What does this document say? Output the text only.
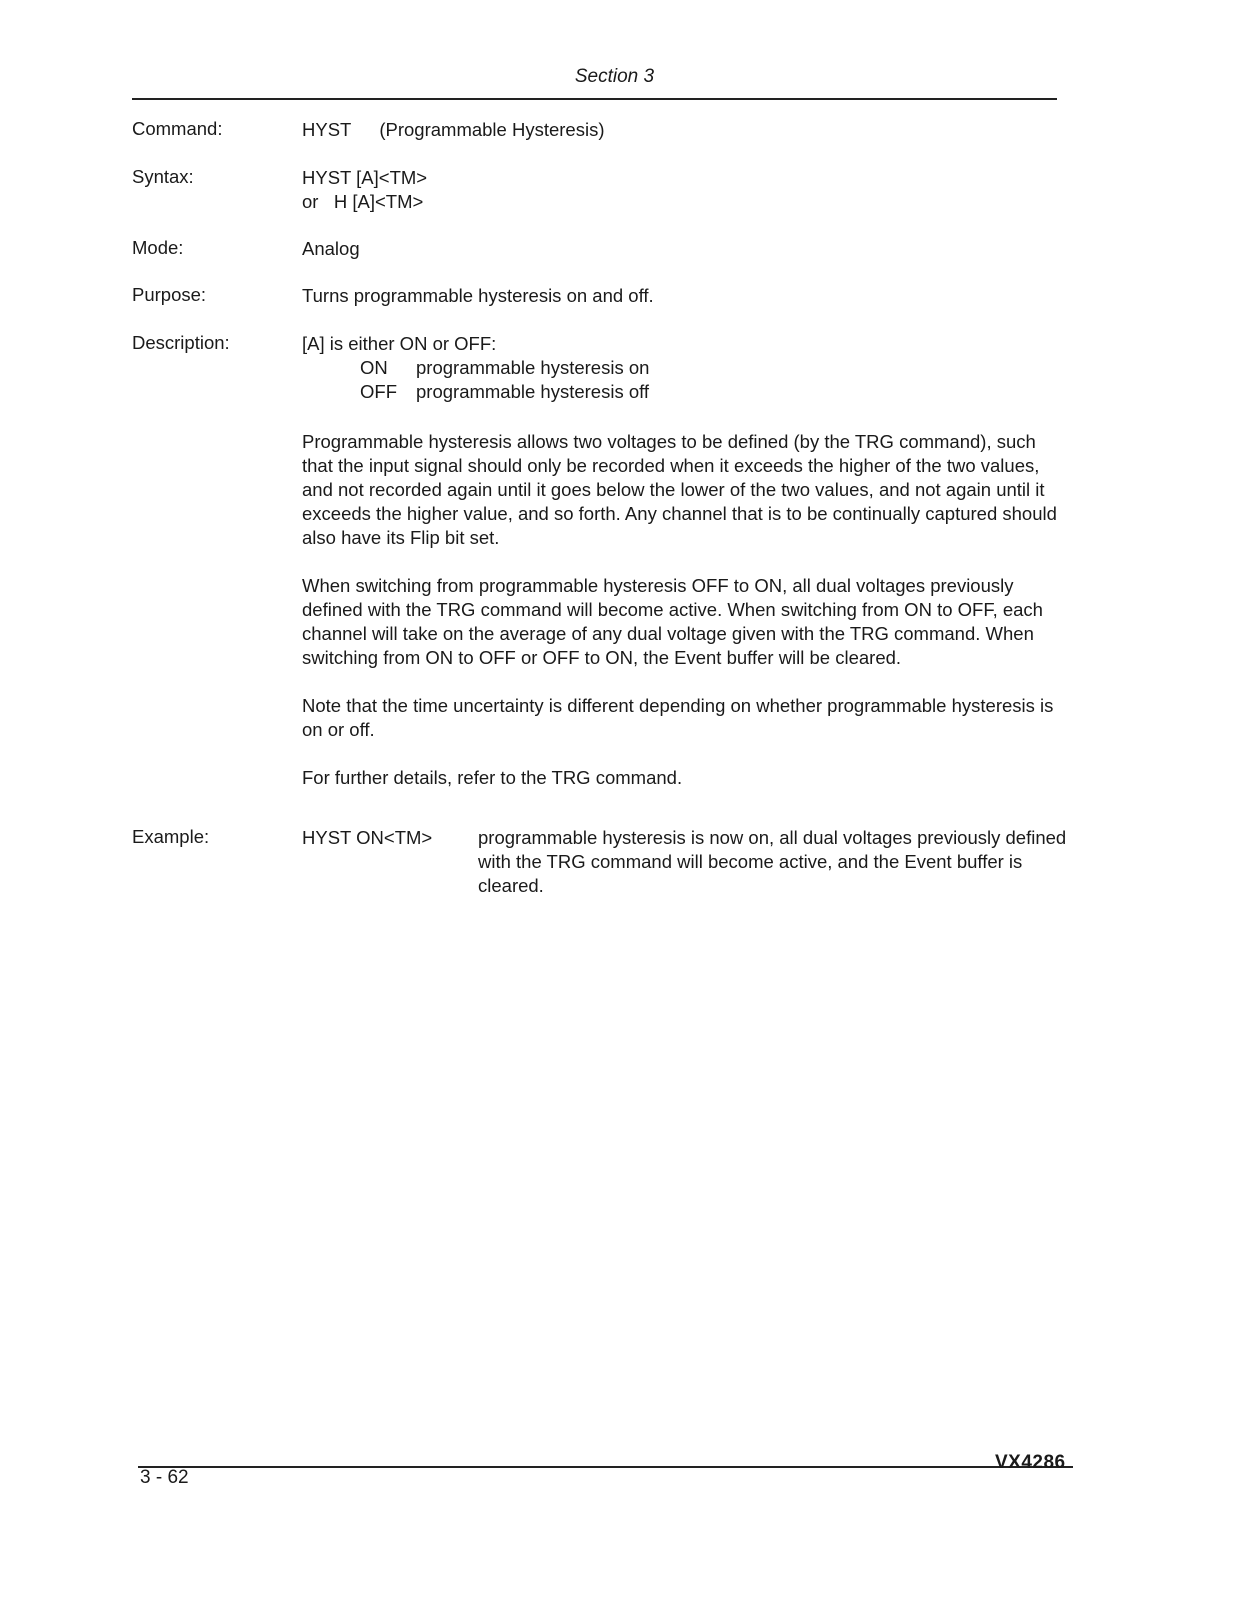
Section 3
Command:	HYST (Programmable Hysteresis)
Syntax:	HYST [A]<TM>
or   H [A]<TM>
Mode:	Analog
Purpose:	Turns programmable hysteresis on and off.
Description:	[A] is either ON or OFF:
ON programmable hysteresis on
OFF programmable hysteresis off

Programmable hysteresis allows two voltages to be defined (by the TRG command), such that the input signal should only be recorded when it exceeds the higher of the two values, and not recorded again until it goes below the lower of the two values, and not again until it exceeds the higher value, and so forth. Any channel that is to be continually captured should also have its Flip bit set.

When switching from programmable hysteresis OFF to ON, all dual voltages previously defined with the TRG command will become active. When switching from ON to OFF, each channel will take on the average of any dual voltage given with the TRG command. When switching from ON to OFF or OFF to ON, the Event buffer will be cleared.

Note that the time uncertainty is different depending on whether programmable hysteresis is on or off.

For further details, refer to the TRG command.

Example:	HYST ON<TM>	programmable hysteresis is now on, all dual voltages previously defined with the TRG command will become active, and the Event buffer is cleared.
3 - 62
VX4286
